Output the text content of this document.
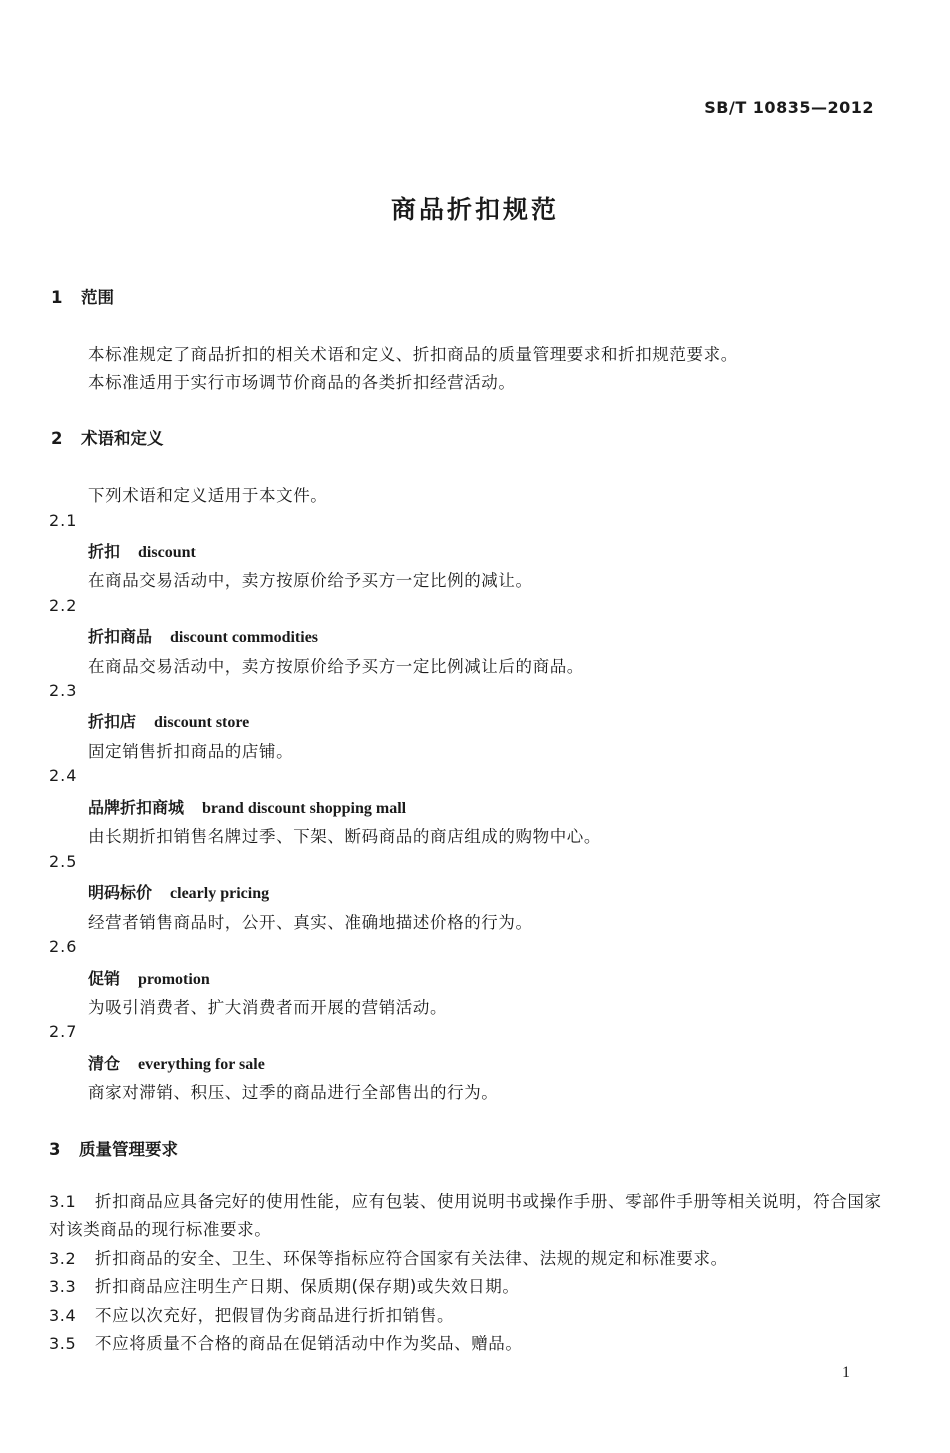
SB/T 10835—2012
商品折扣规范
1 范围
本标准规定了商品折扣的相关术语和定义、折扣商品的质量管理要求和折扣规范要求。
本标准适用于实行市场调节价商品的各类折扣经营活动。
2 术语和定义
下列术语和定义适用于本文件。
2.1
折扣 discount
在商品交易活动中，卖方按原价给予买方一定比例的减让。
2.2
折扣商品 discount commodities
在商品交易活动中，卖方按原价给予买方一定比例减让后的商品。
2.3
折扣店 discount store
固定销售折扣商品的店铺。
2.4
品牌折扣商城 brand discount shopping mall
由长期折扣销售名牌过季、下架、断码商品的商店组成的购物中心。
2.5
明码标价 clearly pricing
经营者销售商品时，公开、真实、准确地描述价格的行为。
2.6
促销 promotion
为吸引消费者、扩大消费者而开展的营销活动。
2.7
清仓 everything for sale
商家对滞销、积压、过季的商品进行全部售出的行为。
3 质量管理要求
3.1 折扣商品应具备完好的使用性能，应有包装、使用说明书或操作手册、零部件手册等相关说明，符合国家对该类商品的现行标准要求。
3.2 折扣商品的安全、卫生、环保等指标应符合国家有关法律、法规的规定和标准要求。
3.3 折扣商品应注明生产日期、保质期(保存期)或失效日期。
3.4 不应以次充好，把假冒伪劣商品进行折扣销售。
3.5 不应将质量不合格的商品在促销活动中作为奖品、赠品。
1
